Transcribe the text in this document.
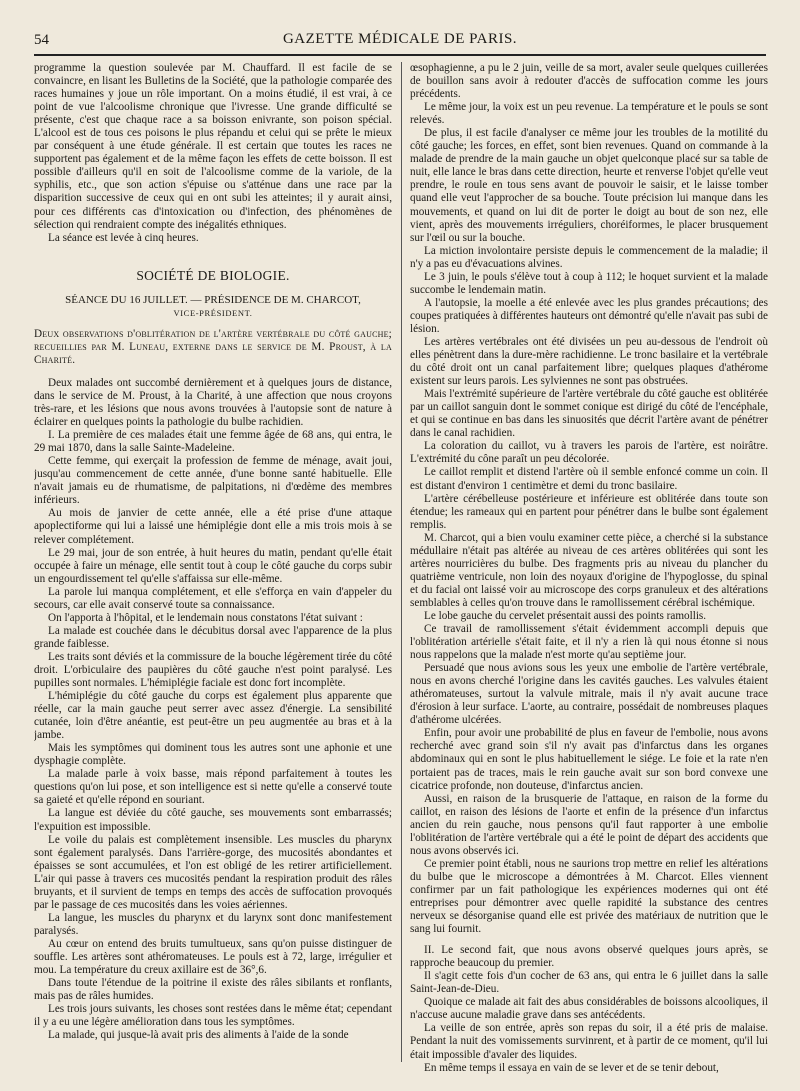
54	GAZETTE MÉDICALE DE PARIS.

programme la question soulevée par M. Chauffard. Il est facile de se convaincre, en lisant les Bulletins de la Société, que la pathologie comparée des races humaines y joue un rôle important. On a moins étudié, il est vrai, à ce point de vue l'alcoolisme chronique que l'ivresse. Une grande difficulté se présente, c'est que chaque race a sa boisson enivrante, son poison spécial. L'alcool est de tous ces poisons le plus répandu et celui qui se prête le mieux par conséquent à une étude générale. Il est certain que toutes les races ne supportent pas également et de la même façon les effets de cette boisson. Il est possible d'ailleurs qu'il en soit de l'alcoolisme comme de la variole, de la syphilis, etc., que son action s'épuise ou s'atténue dans une race par la disparition successive de ceux qui en ont subi les atteintes; il y aurait ainsi, pour ces différents cas d'intoxication ou d'infection, des phénomènes de sélection qui rendraient compte des inégalités ethniques.

La séance est levée à cinq heures.

SOCIÉTÉ DE BIOLOGIE.
SÉANCE DU 16 JUILLET. — PRÉSIDENCE DE M. CHARCOT,
VICE-PRÉSIDENT.

Deux observations d'oblitération de l'artère vertébrale du côté gauche; recueillies par M. Luneau, externe dans le service de M. Proust, à la Charité.

Deux malades ont succombé dernièrement et à quelques jours de distance, dans le service de M. Proust, à la Charité, à une affection que nous croyons très-rare, et les lésions que nous avons trouvées à l'autopsie sont de nature à éclairer en quelques points la pathologie du bulbe rachidien.

I. La première de ces malades était une femme âgée de 68 ans, qui entra, le 29 mai 1870, dans la salle Sainte-Madeleine.

Cette femme, qui exerçait la profession de femme de ménage, avait joui, jusqu'au commencement de cette année, d'une bonne santé habituelle. Elle n'avait jamais eu de rhumatisme, de palpitations, ni d'œdème des membres inférieurs.

Au mois de janvier de cette année, elle a été prise d'une attaque apoplectiforme qui lui a laissé une hémiplégie dont elle a mis trois mois à se relever complétement.

Le 29 mai, jour de son entrée, à huit heures du matin, pendant qu'elle était occupée à faire un ménage, elle sentit tout à coup le côté gauche du corps subir un engourdissement tel qu'elle s'affaissa sur elle-même.

La parole lui manqua complétement, et elle s'efforça en vain d'appeler du secours, car elle avait conservé toute sa connaissance.

On l'apporta à l'hôpital, et le lendemain nous constatons l'état suivant :

La malade est couchée dans le décubitus dorsal avec l'apparence de la plus grande faiblesse.

Les traits sont déviés et la commissure de la bouche légèrement tirée du côté droit. L'orbiculaire des paupières du côté gauche n'est point paralysé. Les pupilles sont normales. L'hémiplégie faciale est donc fort incomplète.

L'hémiplégie du côté gauche du corps est également plus apparente que réelle, car la main gauche peut serrer avec assez d'énergie. La sensibilité cutanée, loin d'être anéantie, est peut-être un peu augmentée au bras et à la jambe.

Mais les symptômes qui dominent tous les autres sont une aphonie et une dysphagie complète.

La malade parle à voix basse, mais répond parfaitement à toutes les questions qu'on lui pose, et son intelligence est si nette qu'elle a conservé toute sa gaieté et qu'elle répond en souriant.

La langue est déviée du côté gauche, ses mouvements sont embarrassés; l'expuition est impossible.

Le voile du palais est complètement insensible. Les muscles du pharynx sont également paralysés. Dans l'arrière-gorge, des mucosités abondantes et épaisses se sont accumulées, et l'on est obligé de les retirer artificiellement. L'air qui passe à travers ces mucosités pendant la respiration produit des râles bruyants, et il survient de temps en temps des accès de suffocation provoqués par le passage de ces mucosités dans les voies aériennes.

La langue, les muscles du pharynx et du larynx sont donc manifestement paralysés.

Au cœur on entend des bruits tumultueux, sans qu'on puisse distinguer de souffle. Les artères sont athéromateuses. Le pouls est à 72, large, irrégulier et mou. La température du creux axillaire est de 36°,6.

Dans toute l'étendue de la poitrine il existe des râles sibilants et ronflants, mais pas de râles humides.

Les trois jours suivants, les choses sont restées dans le même état; cependant il y a eu une légère amélioration dans tous les symptômes.

La malade, qui jusque-là avait pris des aliments à l'aide de la sonde

œsophagienne, a pu le 2 juin, veille de sa mort, avaler seule quelques cuillerées de bouillon sans avoir à redouter d'accès de suffocation comme les jours précédents.

Le même jour, la voix est un peu revenue. La température et le pouls se sont relevés.

De plus, il est facile d'analyser ce même jour les troubles de la motilité du côté gauche; les forces, en effet, sont bien revenues. Quand on commande à la malade de prendre de la main gauche un objet quelconque placé sur sa table de nuit, elle lance le bras dans cette direction, heurte et renverse l'objet qu'elle veut prendre, le roule en tous sens avant de pouvoir le saisir, et le laisse tomber quand elle veut l'approcher de sa bouche. Toute précision lui manque dans les mouvements, et quand on lui dit de porter le doigt au bout de son nez, elle vient, après des mouvements irréguliers, choréiformes, le placer brusquement sur l'œil ou sur la bouche.

La miction involontaire persiste depuis le commencement de la maladie; il n'y a pas eu d'évacuations alvines.

Le 3 juin, le pouls s'élève tout à coup à 112; le hoquet survient et la malade succombe le lendemain matin.

A l'autopsie, la moelle a été enlevée avec les plus grandes précautions; des coupes pratiquées à différentes hauteurs ont démontré qu'elle n'avait pas subi de lésion.

Les artères vertébrales ont été divisées un peu au-dessous de l'endroit où elles pénètrent dans la dure-mère rachidienne. Le tronc basilaire et la vertébrale du côté droit ont un canal parfaitement libre; quelques plaques d'athérome existent sur leurs parois. Les sylviennes ne sont pas obstruées.

Mais l'extrémité supérieure de l'artère vertébrale du côté gauche est oblitérée par un caillot sanguin dont le sommet conique est dirigé du côté de l'encéphale, et qui se continue en bas dans les sinuosités que décrit l'artère avant de pénétrer dans le canal rachidien.

La coloration du caillot, vu à travers les parois de l'artère, est noirâtre. L'extrémité du cône paraît un peu décolorée.

Le caillot remplit et distend l'artère où il semble enfoncé comme un coin. Il est distant d'environ 1 centimètre et demi du tronc basilaire.

L'artère cérébelleuse postérieure et inférieure est oblitérée dans toute son étendue; les rameaux qui en partent pour pénétrer dans le bulbe sont également remplis.

M. Charcot, qui a bien voulu examiner cette pièce, a cherché si la substance médullaire n'était pas altérée au niveau de ces artères oblitérées qui sont les artères nourricières du bulbe. Des fragments pris au niveau du plancher du quatrième ventricule, non loin des noyaux d'origine de l'hypoglosse, du spinal et du facial ont laissé voir au microscope des corps granuleux et des altérations semblables à celles qu'on trouve dans le ramollissement cérébral ischémique.

Le lobe gauche du cervelet présentait aussi des points ramollis.

Ce travail de ramollissement s'était évidemment accompli depuis que l'oblitération artérielle s'était faite, et il n'y a rien là qui nous étonne si nous nous rappelons que la malade n'est morte qu'au septième jour.

Persuadé que nous avions sous les yeux une embolie de l'artère vertébrale, nous en avons cherché l'origine dans les cavités gauches. Les valvules étaient athéromateuses, surtout la valvule mitrale, mais il n'y avait aucune trace d'érosion à leur surface. L'aorte, au contraire, possédait de nombreuses plaques d'athérome ulcérées.

Enfin, pour avoir une probabilité de plus en faveur de l'embolie, nous avons recherché avec grand soin s'il n'y avait pas d'infarctus dans les organes abdominaux qui en sont le plus habituellement le siége. Le foie et la rate n'en portaient pas de traces, mais le rein gauche avait sur son bord convexe une cicatrice profonde, non douteuse, d'infarctus ancien.

Aussi, en raison de la brusquerie de l'attaque, en raison de la forme du caillot, en raison des lésions de l'aorte et enfin de la présence d'un infarctus ancien du rein gauche, nous pensons qu'il faut rapporter à une embolie l'oblitération de l'artère vertébrale qui a été le point de départ des accidents que nous avons observés ici.

Ce premier point établi, nous ne saurions trop mettre en relief les altérations du bulbe que le microscope a démontrées à M. Charcot. Elles viennent confirmer par un fait pathologique les expériences modernes qui ont été entreprises pour démontrer avec quelle rapidité la substance des centres nerveux se désorganise quand elle est privée des matériaux de nutrition que le sang lui fournit.

II. Le second fait, que nous avons observé quelques jours après, se rapproche beaucoup du premier.

Il s'agit cette fois d'un cocher de 63 ans, qui entra le 6 juillet dans la salle Saint-Jean-de-Dieu.

Quoique ce malade ait fait des abus considérables de boissons alcooliques, il n'accuse aucune maladie grave dans ses antécédents.

La veille de son entrée, après son repas du soir, il a été pris de malaise. Pendant la nuit des vomissements survinrent, et à partir de ce moment, qu'il lui était impossible d'avaler des liquides.

En même temps il essaya en vain de se lever et de se tenir debout,
